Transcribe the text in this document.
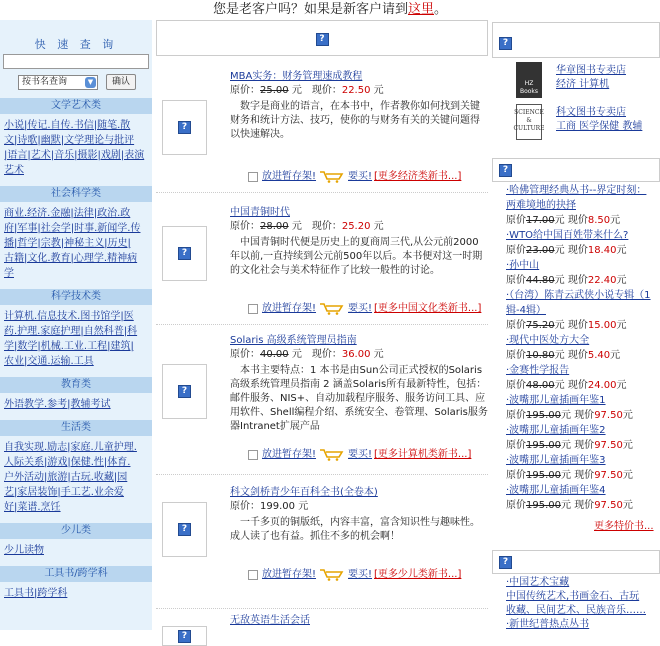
您是老客户吗？如果是新客户请到这里。
快 速 查 询
按书名查询	▼	确认
文学艺术类
小说|传记.自传.书信|随笔.散
文|诗歌|幽默|文学理论与批评
|语言|艺术|音乐|摄影|戏剧|表演
艺术
社会科学类
商业.经济.金融|法律|政治.政
府|军事|社会学|时事.新闻学.传
播|哲学|宗教|神秘主义|历史|
古籍|文化.教育|心理学.精神病
学
科学技术类
计算机.信息技术.图书馆学|医
药.护理.家庭护理|自然科普|科
学|数学|机械.工业.工程|建筑|
农业|交通.运输.工具
教育类
外语教学.参考|教辅考试
生活类
自我实现.励志|家庭.儿童护理.
人际关系|游戏|保健.性|体育.
户外活动|旅游|古玩.收藏|园
艺|家居装饰|手工艺.业余爱
好|菜谱.烹饪
少儿类
少儿读物
工具书/跨学科
工具书|跨学科
?
?
MBA实务：财务管理速成教程
原价：25.00 元　 现价：22.50 元
　数字是商业的语言，在本书中，作者教你如何找到关键财务和统计方法、技巧，使你的与财务有关的关键问题得以快速解决。
放进暂存架!	要买! [更多经济类新书...]
?
中国青铜时代
原价：28.00 元　 现价：25.20 元
　中国青铜时代便是历史上的夏商周三代,从公元前2000年以前,一直持续到公元前500年以后。本书便对这一时期的文化社会与美术特征作了比较一般性的讨论。
放进暂存架!	要买! [更多中国文化类新书...]
?
Solaris 高级系统管理员指南
原价：40.00 元　 现价：36.00 元
　本书主要特点：1 本书是由Sun公司正式授权的Solaris高级系统管理员指南 2 涵盖Solaris所有最新特性，包括：邮件服务、NIS+、自动加载程序服务、服务访问工具、应用软件、Shell编程介绍、系统安全、卷管理、Solaris服务器Intranet扩展产品
放进暂存架!	要买! [更多计算机类新书...]
?
科文剑桥青少年百科全书(全卷本)
原价：199.00 元
　一千多页的铜版纸，内容丰富，富含知识性与趣味性。成人读了也有益。抓住不多的机会啊！
放进暂存架!	要买! [更多少儿类新书...]
?
无敌英语生活会话
?
HZ Books
华章图书专卖店
经济 计算机
SCIENCE & CULTURE
科文图书专卖店
工商 医学保健 教辅
?
·哈佛管理经典丛书--界定时刻：两难境地的抉择
原价17.00元 现价8.50元
·WTO给中国百姓带来什么?
原价23.00元 现价18.40元
·孙中山
原价44.80元 现价22.40元
·（台湾）陈青云武侠小说专辑（1辑-4辑）
原价75.20元 现价15.00元
·现代中医处方大全
原价10.80元 现价5.40元
·金赛性学报告
原价48.00元 现价24.00元
·波嘴那儿童插画年鉴1
原价195.00元 现价97.50元
·波嘴那儿童插画年鉴2
原价195.00元 现价97.50元
·波嘴那儿童插画年鉴3
原价195.00元 现价97.50元
·波嘴那儿童插画年鉴4
原价195.00元 现价97.50元
更多特价书...
?
·中国艺术宝藏
中国传统艺术,书画金石、古玩
收藏、民间艺术、民族音乐……
·新世纪普热点丛书
